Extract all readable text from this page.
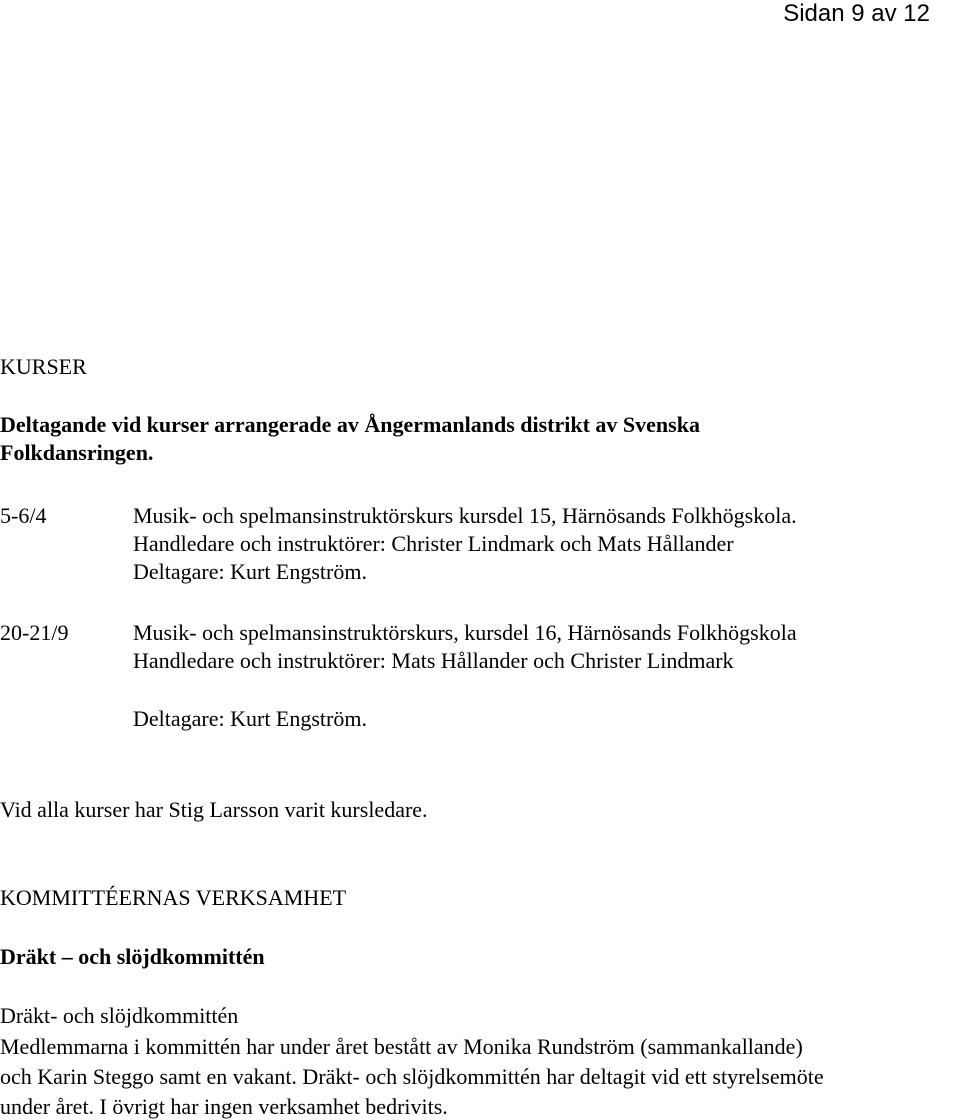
Sidan 9 av 12
KURSER
Deltagande vid kurser arrangerade av Ångermanlands distrikt av Svenska
Folkdansringen.
5-6/4	Musik- och spelmansinstruktörskurs kursdel 15, Härnösands Folkhögskola.
Handledare och instruktörer: Christer Lindmark och Mats Hållander
Deltagare: Kurt Engström.
20-21/9	Musik- och spelmansinstruktörskurs, kursdel 16, Härnösands Folkhögskola
Handledare och instruktörer: Mats Hållander och Christer Lindmark
Deltagare: Kurt Engström.
Vid alla kurser har Stig Larsson varit kursledare.
KOMMITTÉERNAS VERKSAMHET
Dräkt – och slöjdkommittén
Dräkt- och slöjdkommittén
Medlemmarna i kommittén har under året bestått av Monika Rundström (sammankallande)
och Karin Steggo samt en vakant. Dräkt- och slöjdkommittén har deltagit vid ett styrelsemöte
under året. I övrigt har ingen verksamhet bedrivits.
